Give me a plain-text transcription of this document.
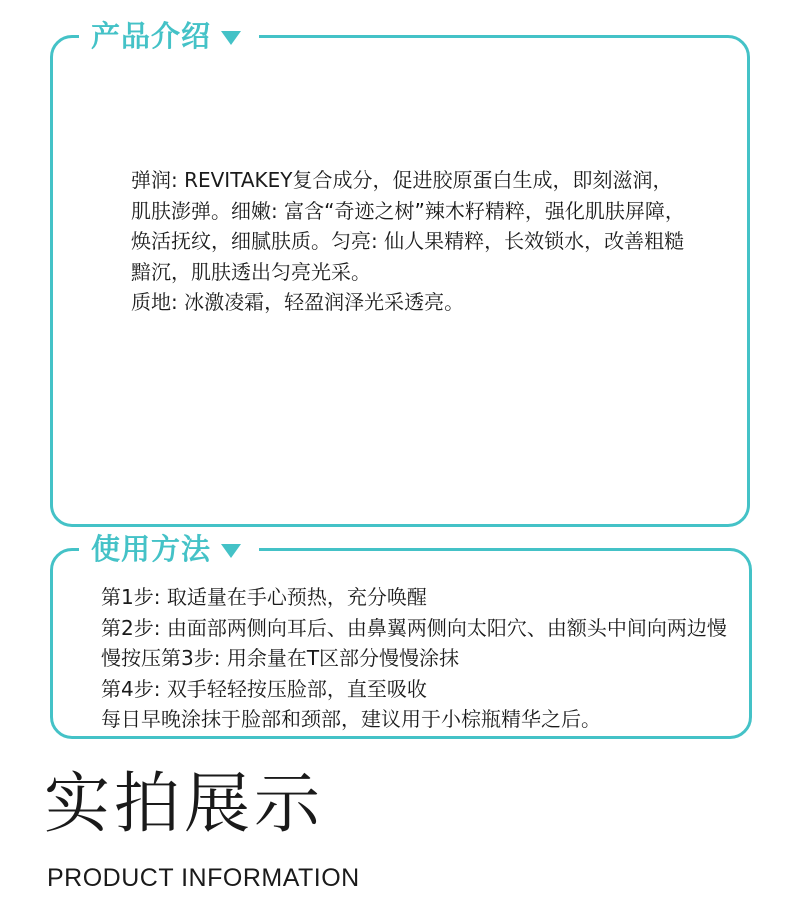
产品介绍

弹润: REVITAKEY复合成分，促进胶原蛋白生成，即刻滋润，肌肤澎弹。细嫩: 富含“奇迹之树”辣木籽精粹，强化肌肤屏障，焕活抚纹，细腻肤质。匀亮: 仙人果精粹，长效锁水，改善粗糙黯沉，肌肤透出匀亮光采。

质地: 冰激凌霜，轻盈润泽光采透亮。

使用方法

第1步: 取适量在手心预热，充分唤醒

第2步: 由面部两侧向耳后、由鼻翼两侧向太阳穴、由额头中间向两边慢慢按压第3步: 用余量在T区部分慢慢涂抹

第4步: 双手轻轻按压脸部，直至吸收

每日早晚涂抹于脸部和颈部，建议用于小棕瓶精华之后。

实拍展示
PRODUCT INFORMATION
